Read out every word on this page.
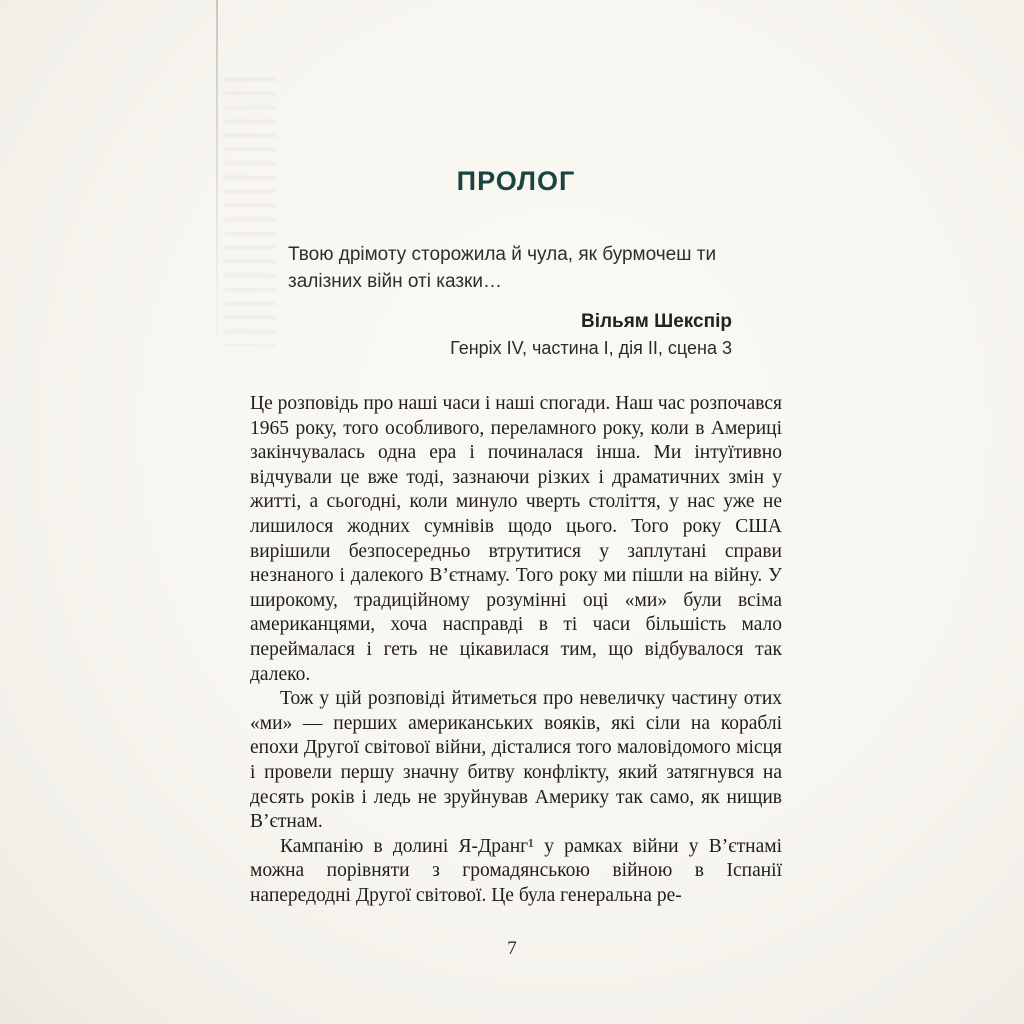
ПРОЛОГ
Твою дрімоту сторожила й чула, як бурмочеш ти
залізних війн оті казки…
Вільям Шекспір
Генріх IV, частина I, дія II, сцена 3

Це розповідь про наші часи і наші спогади. Наш час розпочався 1965 року, того особливого, переламного року, коли в Америці закінчувалась одна ера і починалася інша. Ми інтуїтивно відчували це вже тоді, зазнаючи різких і драматичних змін у житті, а сьогодні, коли минуло чверть століття, у нас уже не лишилося жодних сумнівів щодо цього. Того року США вирішили безпосередньо втрутитися у заплутані справи незнаного і далекого В’єтнаму. Того року ми пішли на війну. У широкому, традиційному розумінні оці «ми» були всіма американцями, хоча насправді в ті часи більшість мало переймалася і геть не цікавилася тим, що відбувалося так далеко.

Тож у цій розповіді йтиметься про невеличку частину отих «ми» — перших американських вояків, які сіли на кораблі епохи Другої світової війни, дісталися того маловідомого місця і провели першу значну битву конфлікту, який затягнувся на десять років і ледь не зруйнував Америку так само, як нищив В’єтнам.

Кампанію в долині Я-Дранг¹ у рамках війни у В’єтнамі можна порівняти з громадянською війною в Іспанії напередодні Другої світової. Це була генеральна ре-

7
